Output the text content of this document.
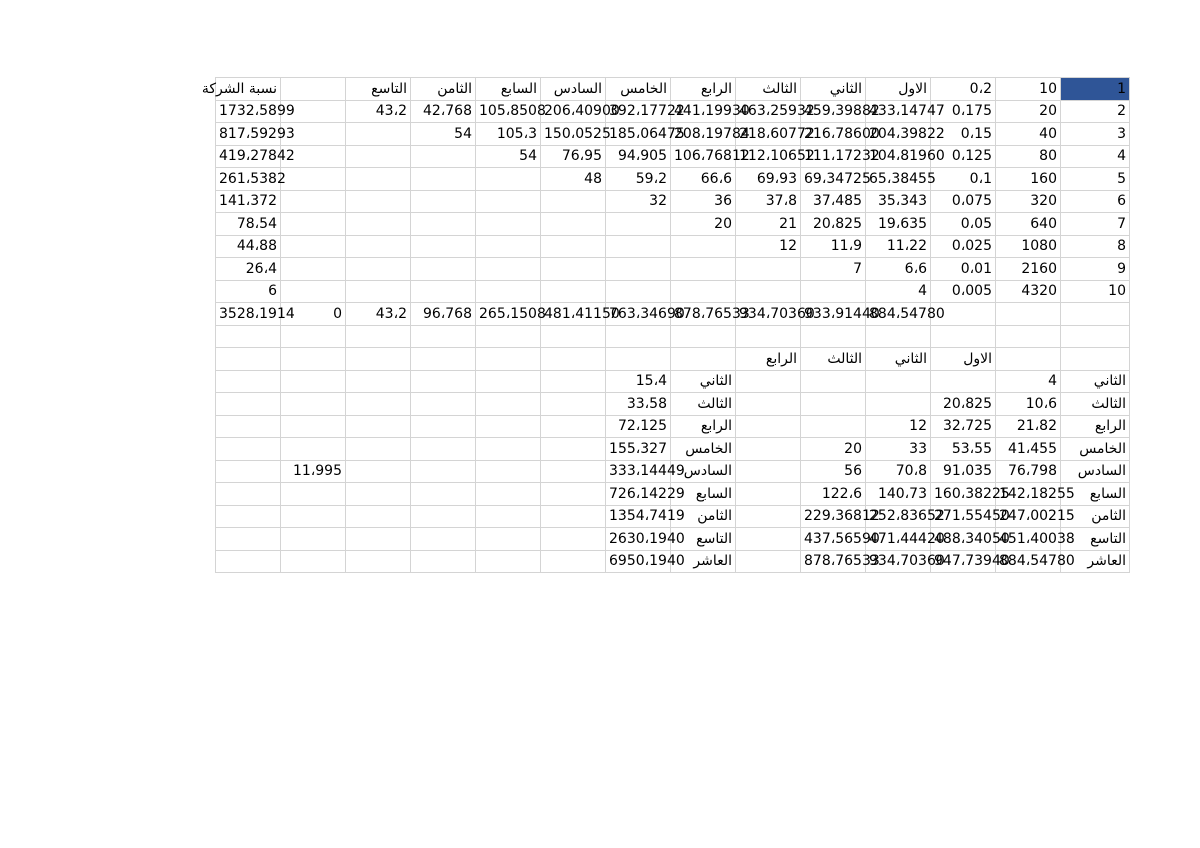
نسبة الشركة		التاسع	الثامن	السابع	السادس	الخامس	الرابع	الثالث	الثاني	الاول	0،2	10	1
1732،5899		43،2	42،768	105،8508	206،40900	392،17722	441،19930	463،25932	459،39882	433،14747	0،175	20	2
817،59293			54	105،3	150،0525	185،06475	208،19784	218،60772	216،78600	204،39822	0،15	40	3
419،27842				54	76،95	94،905	106،76812	112،10652	111،17232	104،81960	0،125	80	4
261،5382					48	59،2	66،6	69،93	69،34725	65،38455	0،1	160	5
141،372						32	36	37،8	37،485	35،343	0،075	320	6
78،54							20	21	20،825	19،635	0،05	640	7
44،88								12	11،9	11،22	0،025	1080	8
26،4									7	6،6	0،01	2160	9
6										4	0،005	4320	10
3528،1914	0	43،2	96،768	265،1508	481،41150	763،34690	878،76533	934،70360	933،91440	884،54780			

								الرابع	الثالث	الثاني	الاول		
						15،4	الثاني					4	الثاني
						33،58	الثالث				20،825	10،6	الثالث
						72،125	الرابع			12	32،725	21،82	الرابع
						155،327	الخامس		20	33	53،55	41،455	الخامس
	11،995					333،14449	السادس		56	70،8	91،035	76،798	السادس
						726،14229	السابع		122،6	140،73	160،38225	142،18255	السابع
						1354،7419	الثامن		229،36812	252،83652	271،55450	247،00215	الثامن
						2630،1940	التاسع		437،56590	471،44420	488،34050	451،40038	التاسع
						6950،1940	العاشر		878،76533	934،70360	947،73940	884،54780	العاشر
